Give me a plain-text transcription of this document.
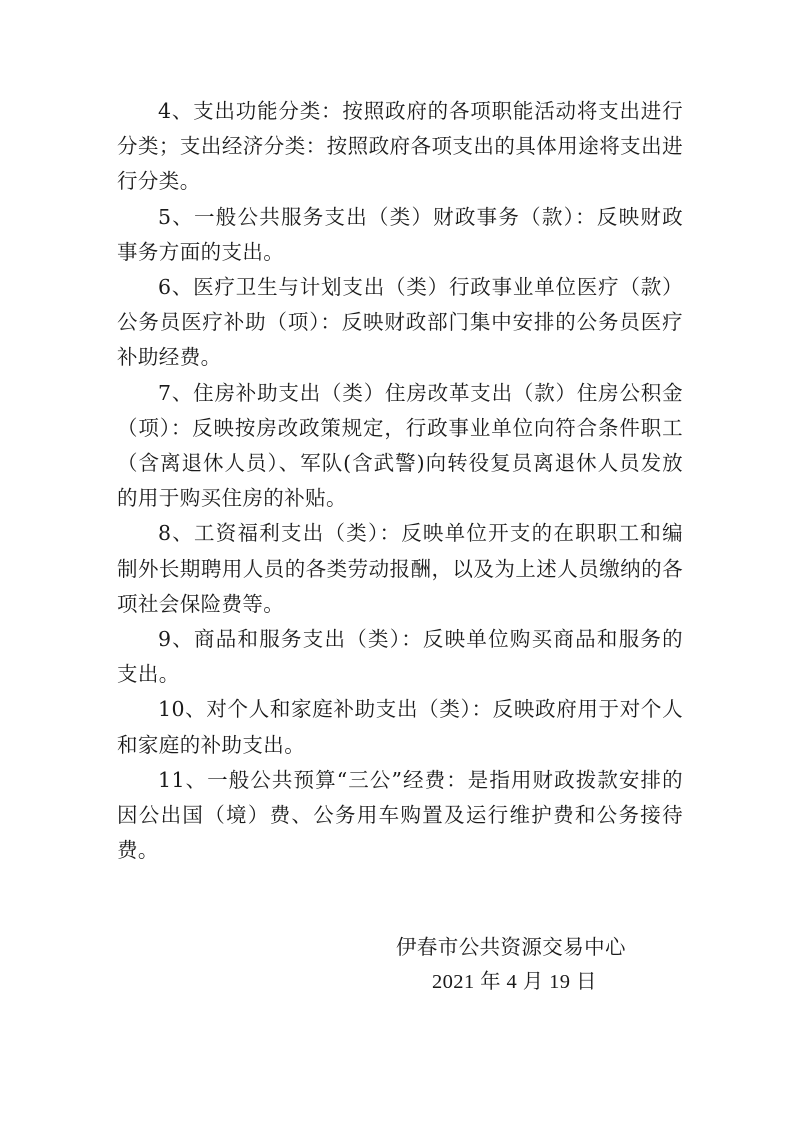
4、支出功能分类：按照政府的各项职能活动将支出进行分类；支出经济分类：按照政府各项支出的具体用途将支出进行分类。

5、一般公共服务支出（类）财政事务（款）：反映财政事务方面的支出。

6、医疗卫生与计划支出（类）行政事业单位医疗（款）公务员医疗补助（项）：反映财政部门集中安排的公务员医疗补助经费。

7、住房补助支出（类）住房改革支出（款）住房公积金（项）：反映按房改政策规定，行政事业单位向符合条件职工（含离退休人员）、军队(含武警)向转役复员离退休人员发放的用于购买住房的补贴。

8、工资福利支出（类）：反映单位开支的在职职工和编制外长期聘用人员的各类劳动报酬，以及为上述人员缴纳的各项社会保险费等。

9、商品和服务支出（类）：反映单位购买商品和服务的支出。

10、对个人和家庭补助支出（类）：反映政府用于对个人和家庭的补助支出。

11、一般公共预算“三公”经费：是指用财政拨款安排的因公出国（境）费、公务用车购置及运行维护费和公务接待费。

伊春市公共资源交易中心
2021 年 4 月 19 日
